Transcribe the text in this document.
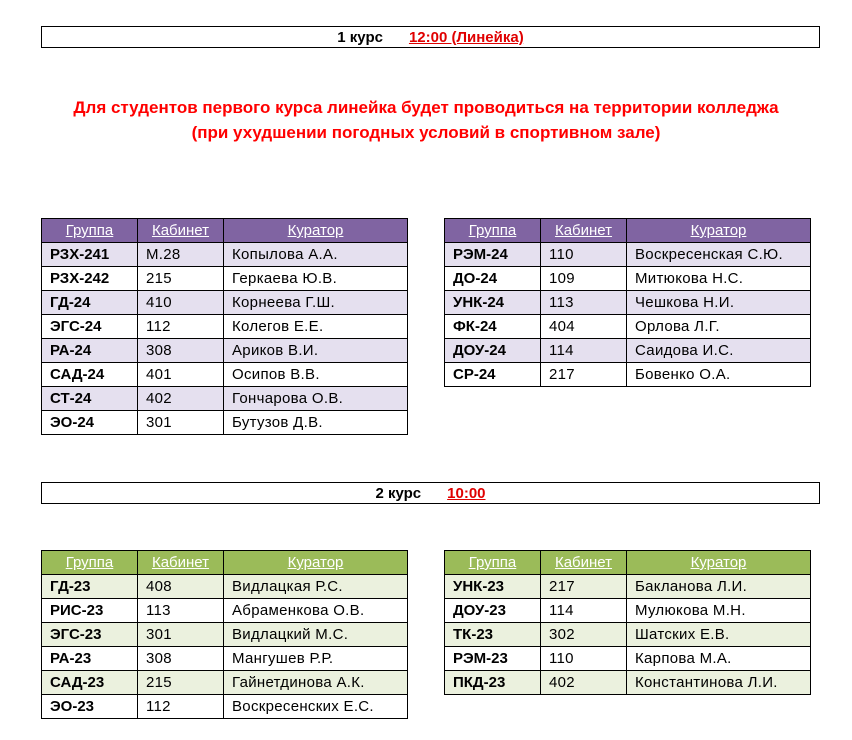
1 курс 12:00 (Линейка)
Для студентов первого курса линейка будет проводиться на территории колледжа
(при ухудшении погодных условий в спортивном зале)
Группа	Кабинет	Куратор
РЗХ-241	М.28	Копылова А.А.
РЗХ-242	215	Геркаева Ю.В.
ГД-24	410	Корнеева Г.Ш.
ЭГС-24	112	Колегов Е.Е.
РА-24	308	Ариков В.И.
САД-24	401	Осипов В.В.
СТ-24	402	Гончарова О.В.
ЭО-24	301	Бутузов Д.В.
Группа	Кабинет	Куратор
РЭМ-24	110	Воскресенская С.Ю.
ДО-24	109	Митюкова Н.С.
УНК-24	113	Чешкова Н.И.
ФК-24	404	Орлова Л.Г.
ДОУ-24	114	Саидова И.С.
СР-24	217	Бовенко О.А.
2 курс 10:00
Группа	Кабинет	Куратор
ГД-23	408	Видлацкая Р.С.
РИС-23	113	Абраменкова О.В.
ЭГС-23	301	Видлацкий М.С.
РА-23	308	Мангушев Р.Р.
САД-23	215	Гайнетдинова А.К.
ЭО-23	112	Воскресенских Е.С.
Группа	Кабинет	Куратор
УНК-23	217	Бакланова Л.И.
ДОУ-23	114	Мулюкова М.Н.
ТК-23	302	Шатских Е.В.
РЭМ-23	110	Карпова М.А.
ПКД-23	402	Константинова Л.И.
